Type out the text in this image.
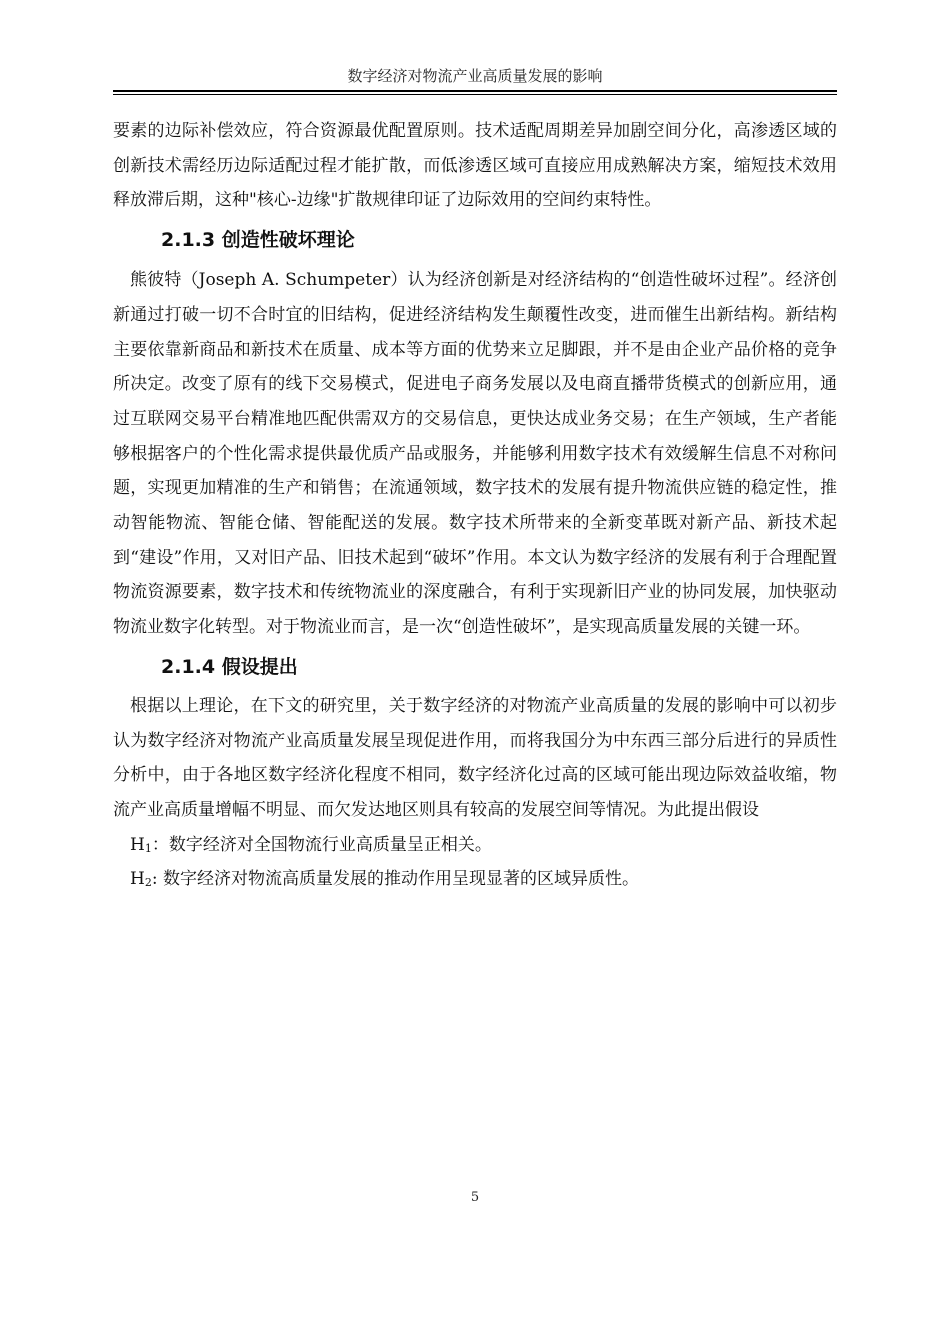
数字经济对物流产业高质量发展的影响

要素的边际补偿效应，符合资源最优配置原则。技术适配周期差异加剧空间分化，高渗透区域的创新技术需经历边际适配过程才能扩散，而低渗透区域可直接应用成熟解决方案，缩短技术效用释放滞后期，这种"核心-边缘"扩散规律印证了边际效用的空间约束特性。

2.1.3 创造性破坏理论

熊彼特（Joseph A. Schumpeter）认为经济创新是对经济结构的“创造性破坏过程”。经济创新通过打破一切不合时宜的旧结构，促进经济结构发生颠覆性改变，进而催生出新结构。新结构主要依靠新商品和新技术在质量、成本等方面的优势来立足脚跟，并不是由企业产品价格的竞争所决定。改变了原有的线下交易模式，促进电子商务发展以及电商直播带货模式的创新应用，通过互联网交易平台精准地匹配供需双方的交易信息，更快达成业务交易；在生产领域，生产者能够根据客户的个性化需求提供最优质产品或服务，并能够利用数字技术有效缓解生信息不对称问题，实现更加精准的生产和销售；在流通领域，数字技术的发展有提升物流供应链的稳定性，推动智能物流、智能仓储、智能配送的发展。数字技术所带来的全新变革既对新产品、新技术起到“建设”作用，又对旧产品、旧技术起到“破坏”作用。本文认为数字经济的发展有利于合理配置物流资源要素，数字技术和传统物流业的深度融合，有利于实现新旧产业的协同发展，加快驱动物流业数字化转型。对于物流业而言，是一次“创造性破坏”，是实现高质量发展的关键一环。

2.1.4 假设提出

根据以上理论，在下文的研究里，关于数字经济的对物流产业高质量的发展的影响中可以初步认为数字经济对物流产业高质量发展呈现促进作用，而将我国分为中东西三部分后进行的异质性分析中，由于各地区数字经济化程度不相同，数字经济化过高的区域可能出现边际效益收缩，物流产业高质量增幅不明显、而欠发达地区则具有较高的发展空间等情况。为此提出假设

$H_1$：数字经济对全国物流行业高质量呈正相关。

$H_2$: 数字经济对物流高质量发展的推动作用呈现显著的区域异质性。

5
